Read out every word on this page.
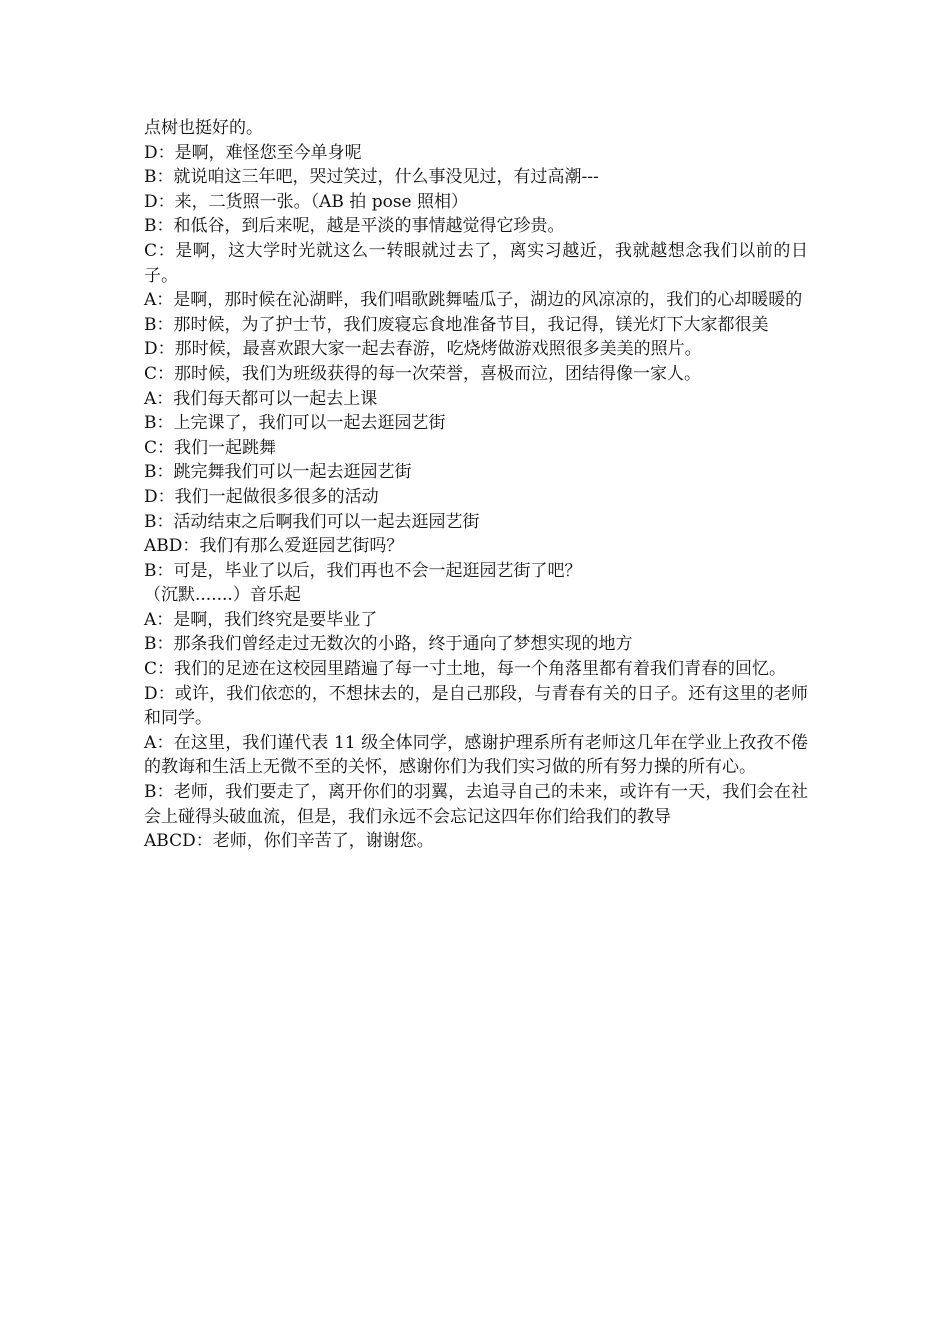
点树也挺好的。

D：是啊，难怪您至今单身呢

B：就说咱这三年吧，哭过笑过，什么事没见过，有过高潮---

D：来，二货照一张。（AB 拍 pose 照相）

B：和低谷，到后来呢，越是平淡的事情越觉得它珍贵。

C：是啊，这大学时光就这么一转眼就过去了，离实习越近，我就越想念我们以前的日子。

A：是啊，那时候在沁湖畔，我们唱歌跳舞嗑瓜子，湖边的风凉凉的，我们的心却暖暖的

B：那时候，为了护士节，我们废寝忘食地准备节目，我记得，镁光灯下大家都很美

D：那时候，最喜欢跟大家一起去春游，吃烧烤做游戏照很多美美的照片。

C：那时候，我们为班级获得的每一次荣誉，喜极而泣，团结得像一家人。

A：我们每天都可以一起去上课

B：上完课了，我们可以一起去逛园艺街

C：我们一起跳舞

B：跳完舞我们可以一起去逛园艺街

D：我们一起做很多很多的活动

B：活动结束之后啊我们可以一起去逛园艺街

ABD：我们有那么爱逛园艺街吗？

B：可是，毕业了以后，我们再也不会一起逛园艺街了吧？

（沉默.......）音乐起

A：是啊，我们终究是要毕业了

B：那条我们曾经走过无数次的小路，终于通向了梦想实现的地方

C：我们的足迹在这校园里踏遍了每一寸土地，每一个角落里都有着我们青春的回忆。

D：或许，我们依恋的，不想抹去的，是自己那段，与青春有关的日子。还有这里的老师和同学。

A：在这里，我们谨代表 11 级全体同学，感谢护理系所有老师这几年在学业上孜孜不倦的教诲和生活上无微不至的关怀，感谢你们为我们实习做的所有努力操的所有心。

B：老师，我们要走了，离开你们的羽翼，去追寻自己的未来，或许有一天，我们会在社会上碰得头破血流，但是，我们永远不会忘记这四年你们给我们的教导

ABCD：老师，你们辛苦了，谢谢您。
